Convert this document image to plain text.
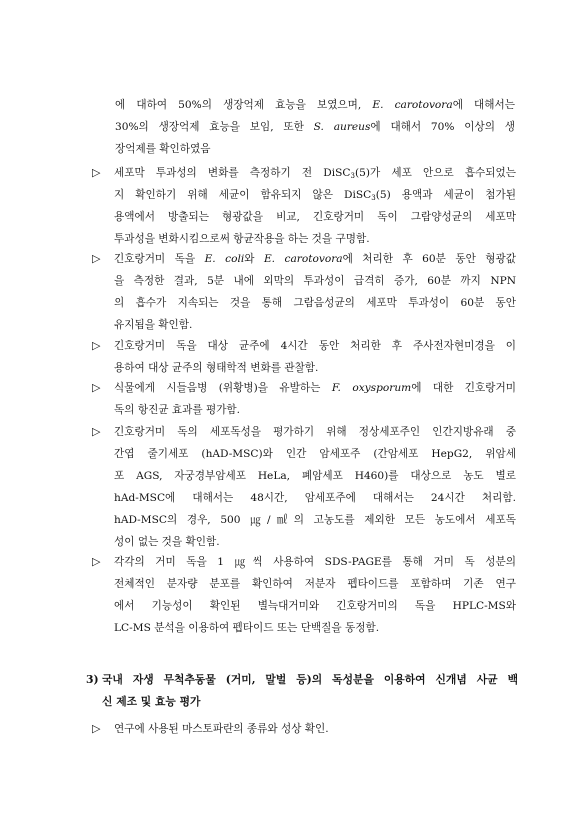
에 대하여 50%의 생장억제 효능을 보였으며, E. carotovora에 대해서는
30%의 생장억제 효능을 보임, 또한 S. aureus에 대해서 70% 이상의 생
장억제를 확인하였음
▷ 세포막 투과성의 변화를 측정하기 전 DiSC$_3$(5)가 세포 안으로 흡수되었는
지 확인하기 위해 세균이 함유되지 않은 DiSC$_3$(5) 용액과 세균이 첨가된
용액에서 방출되는 형광값을 비교, 긴호랑거미 독이 그람양성균의 세포막
투과성을 변화시킴으로써 항균작용을 하는 것을 구명함.
▷ 긴호랑거미 독을 E. coli와 E. carotovora에 처리한 후 60분 동안 형광값
을 측정한 결과, 5분 내에 외막의 투과성이 급격히 증가, 60분 까지 NPN
의 흡수가 지속되는 것을 통해 그람음성균의 세포막 투과성이 60분 동안
유지됨을 확인함.
▷ 긴호랑거미 독을 대상 균주에 4시간 동안 처리한 후 주사전자현미경을 이
용하여 대상 균주의 형태학적 변화를 관찰함.
▷ 식물에게 시들음병 (위황병)을 유발하는 F. oxysporum에 대한 긴호랑거미
독의 항진균 효과를 평가함.
▷ 긴호랑거미 독의 세포독성을 평가하기 위해 정상세포주인 인간지방유래 중
간엽 줄기세포 (hAD-MSC)와 인간 암세포주 (간암세포 HepG2, 위암세
포 AGS, 자궁경부암세포 HeLa, 폐암세포 H460)를 대상으로 농도 별로
hAd-MSC에 대해서는 48시간, 암세포주에 대해서는 24시간 처리함.
hAD-MSC의 경우, 500 ㎍/㎖의 고농도를 제외한 모든 농도에서 세포독
성이 없는 것을 확인함.
▷ 각각의 거미 독을 1 ㎍씩 사용하여 SDS-PAGE를 통해 거미 독 성분의
전체적인 분자량 분포를 확인하여 저분자 펩타이드를 포함하며 기존 연구
에서 기능성이 확인된 별늑대거미와 긴호랑거미의 독을 HPLC-MS와
LC-MS 분석을 이용하여 펩타이드 또는 단백질을 동정함.
3) 국내 자생 무척추동물 (거미, 말벌 등)의 독성분을 이용하여 신개념 사균 백
신 제조 및 효능 평가
▷ 연구에 사용된 마스토파란의 종류와 성상 확인.
